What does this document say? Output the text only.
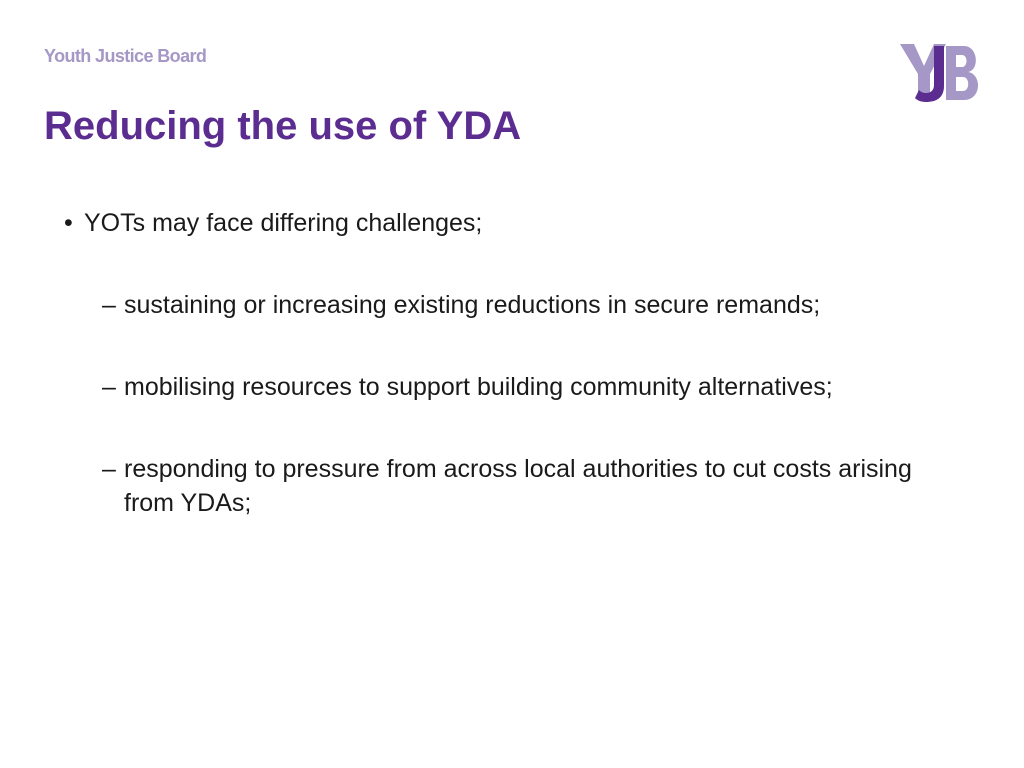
Youth Justice Board
Reducing the use of YDA
• YOTs may face differing challenges;
– sustaining or increasing existing reductions in secure remands;
– mobilising resources to support building community alternatives;
– responding to pressure from across local authorities to cut costs arising from YDAs;
